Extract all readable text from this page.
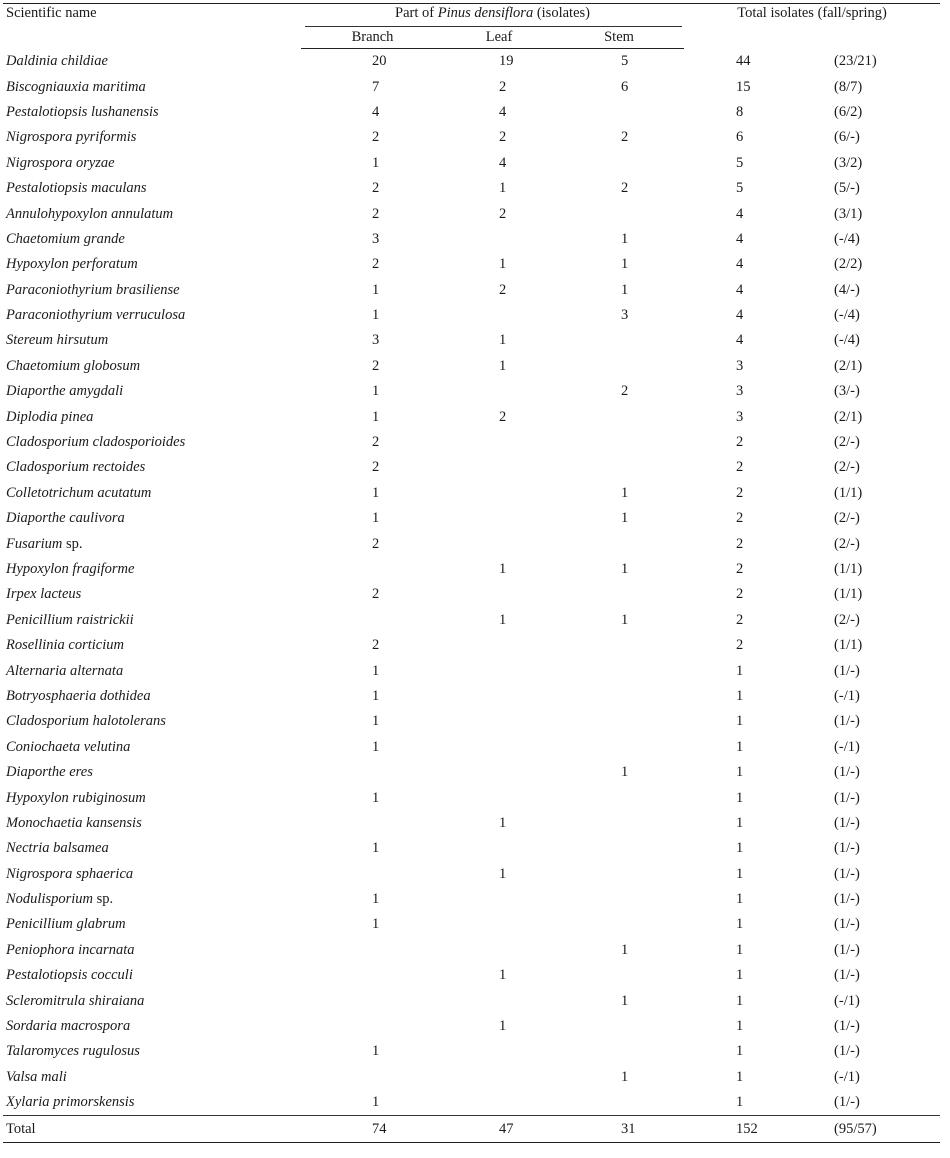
Scientific name	Part of Pinus densiflora (isolates)			Total isolates (fall/spring)	
	Branch	Leaf	Stem		
Daldinia childiae	20	19	5	44	(23/21)
Biscogniauxia maritima	7	2	6	15	(8/7)
Pestalotiopsis lushanensis	4	4		8	(6/2)
Nigrospora pyriformis	2	2	2	6	(6/-)
Nigrospora oryzae	1	4		5	(3/2)
Pestalotiopsis maculans	2	1	2	5	(5/-)
Annulohypoxylon annulatum	2	2		4	(3/1)
Chaetomium grande	3		1	4	(-/4)
Hypoxylon perforatum	2	1	1	4	(2/2)
Paraconiothyrium brasiliense	1	2	1	4	(4/-)
Paraconiothyrium verruculosa	1		3	4	(-/4)
Stereum hirsutum	3	1		4	(-/4)
Chaetomium globosum	2	1		3	(2/1)
Diaporthe amygdali	1		2	3	(3/-)
Diplodia pinea	1	2		3	(2/1)
Cladosporium cladosporioides	2			2	(2/-)
Cladosporium rectoides	2			2	(2/-)
Colletotrichum acutatum	1		1	2	(1/1)
Diaporthe caulivora	1		1	2	(2/-)
Fusarium sp.	2			2	(2/-)
Hypoxylon fragiforme		1	1	2	(1/1)
Irpex lacteus	2			2	(1/1)
Penicillium raistrickii		1	1	2	(2/-)
Rosellinia corticium	2			2	(1/1)
Alternaria alternata	1			1	(1/-)
Botryosphaeria dothidea	1			1	(-/1)
Cladosporium halotolerans	1			1	(1/-)
Coniochaeta velutina	1			1	(-/1)
Diaporthe eres			1	1	(1/-)
Hypoxylon rubiginosum	1			1	(1/-)
Monochaetia kansensis		1		1	(1/-)
Nectria balsamea	1			1	(1/-)
Nigrospora sphaerica		1		1	(1/-)
Nodulisporium sp.	1			1	(1/-)
Penicillium glabrum	1			1	(1/-)
Peniophora incarnata			1	1	(1/-)
Pestalotiopsis cocculi		1		1	(1/-)
Scleromitrula shiraiana			1	1	(-/1)
Sordaria macrospora		1		1	(1/-)
Talaromyces rugulosus	1			1	(1/-)
Valsa mali			1	1	(-/1)
Xylaria primorskensis	1			1	(1/-)
Total	74	47	31	152	(95/57)
